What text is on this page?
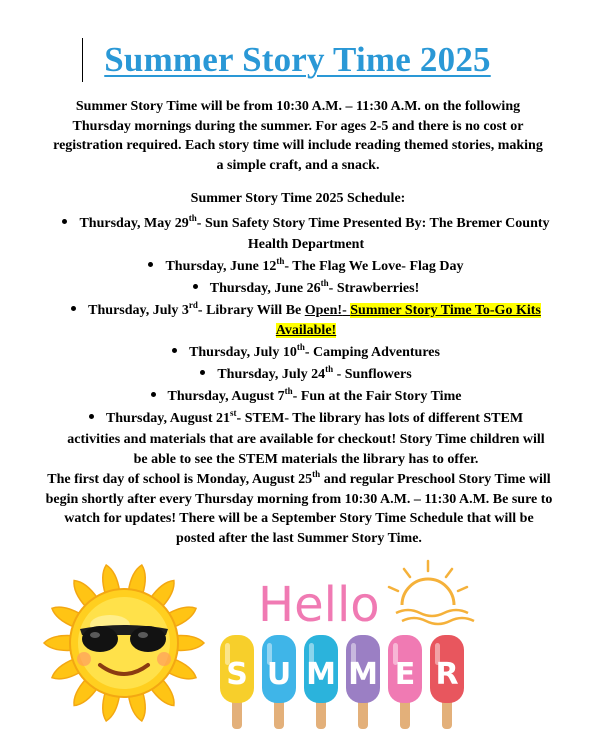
Summer Story Time 2025
Summer Story Time will be from 10:30 A.M. – 11:30 A.M. on the following Thursday mornings during the summer. For ages 2-5 and there is no cost or registration required. Each story time will include reading themed stories, making a simple craft, and a snack.
Summer Story Time 2025 Schedule:
Thursday, May 29th- Sun Safety Story Time Presented By: The Bremer County Health Department
Thursday, June 12th- The Flag We Love- Flag Day
Thursday, June 26th- Strawberries!
Thursday, July 3rd- Library Will Be Open!- Summer Story Time To-Go Kits Available!
Thursday, July 10th- Camping Adventures
Thursday, July 24th - Sunflowers
Thursday, August 7th- Fun at the Fair Story Time
Thursday, August 21st- STEM- The library has lots of different STEM activities and materials that are available for checkout! Story Time children will be able to see the STEM materials the library has to offer.
The first day of school is Monday, August 25th and regular Preschool Story Time will begin shortly after every Thursday morning from 10:30 A.M. – 11:30 A.M. Be sure to watch for updates! There will be a September Story Time Schedule that will be posted after the last Summer Story Time.
Hello
S U M M E R
